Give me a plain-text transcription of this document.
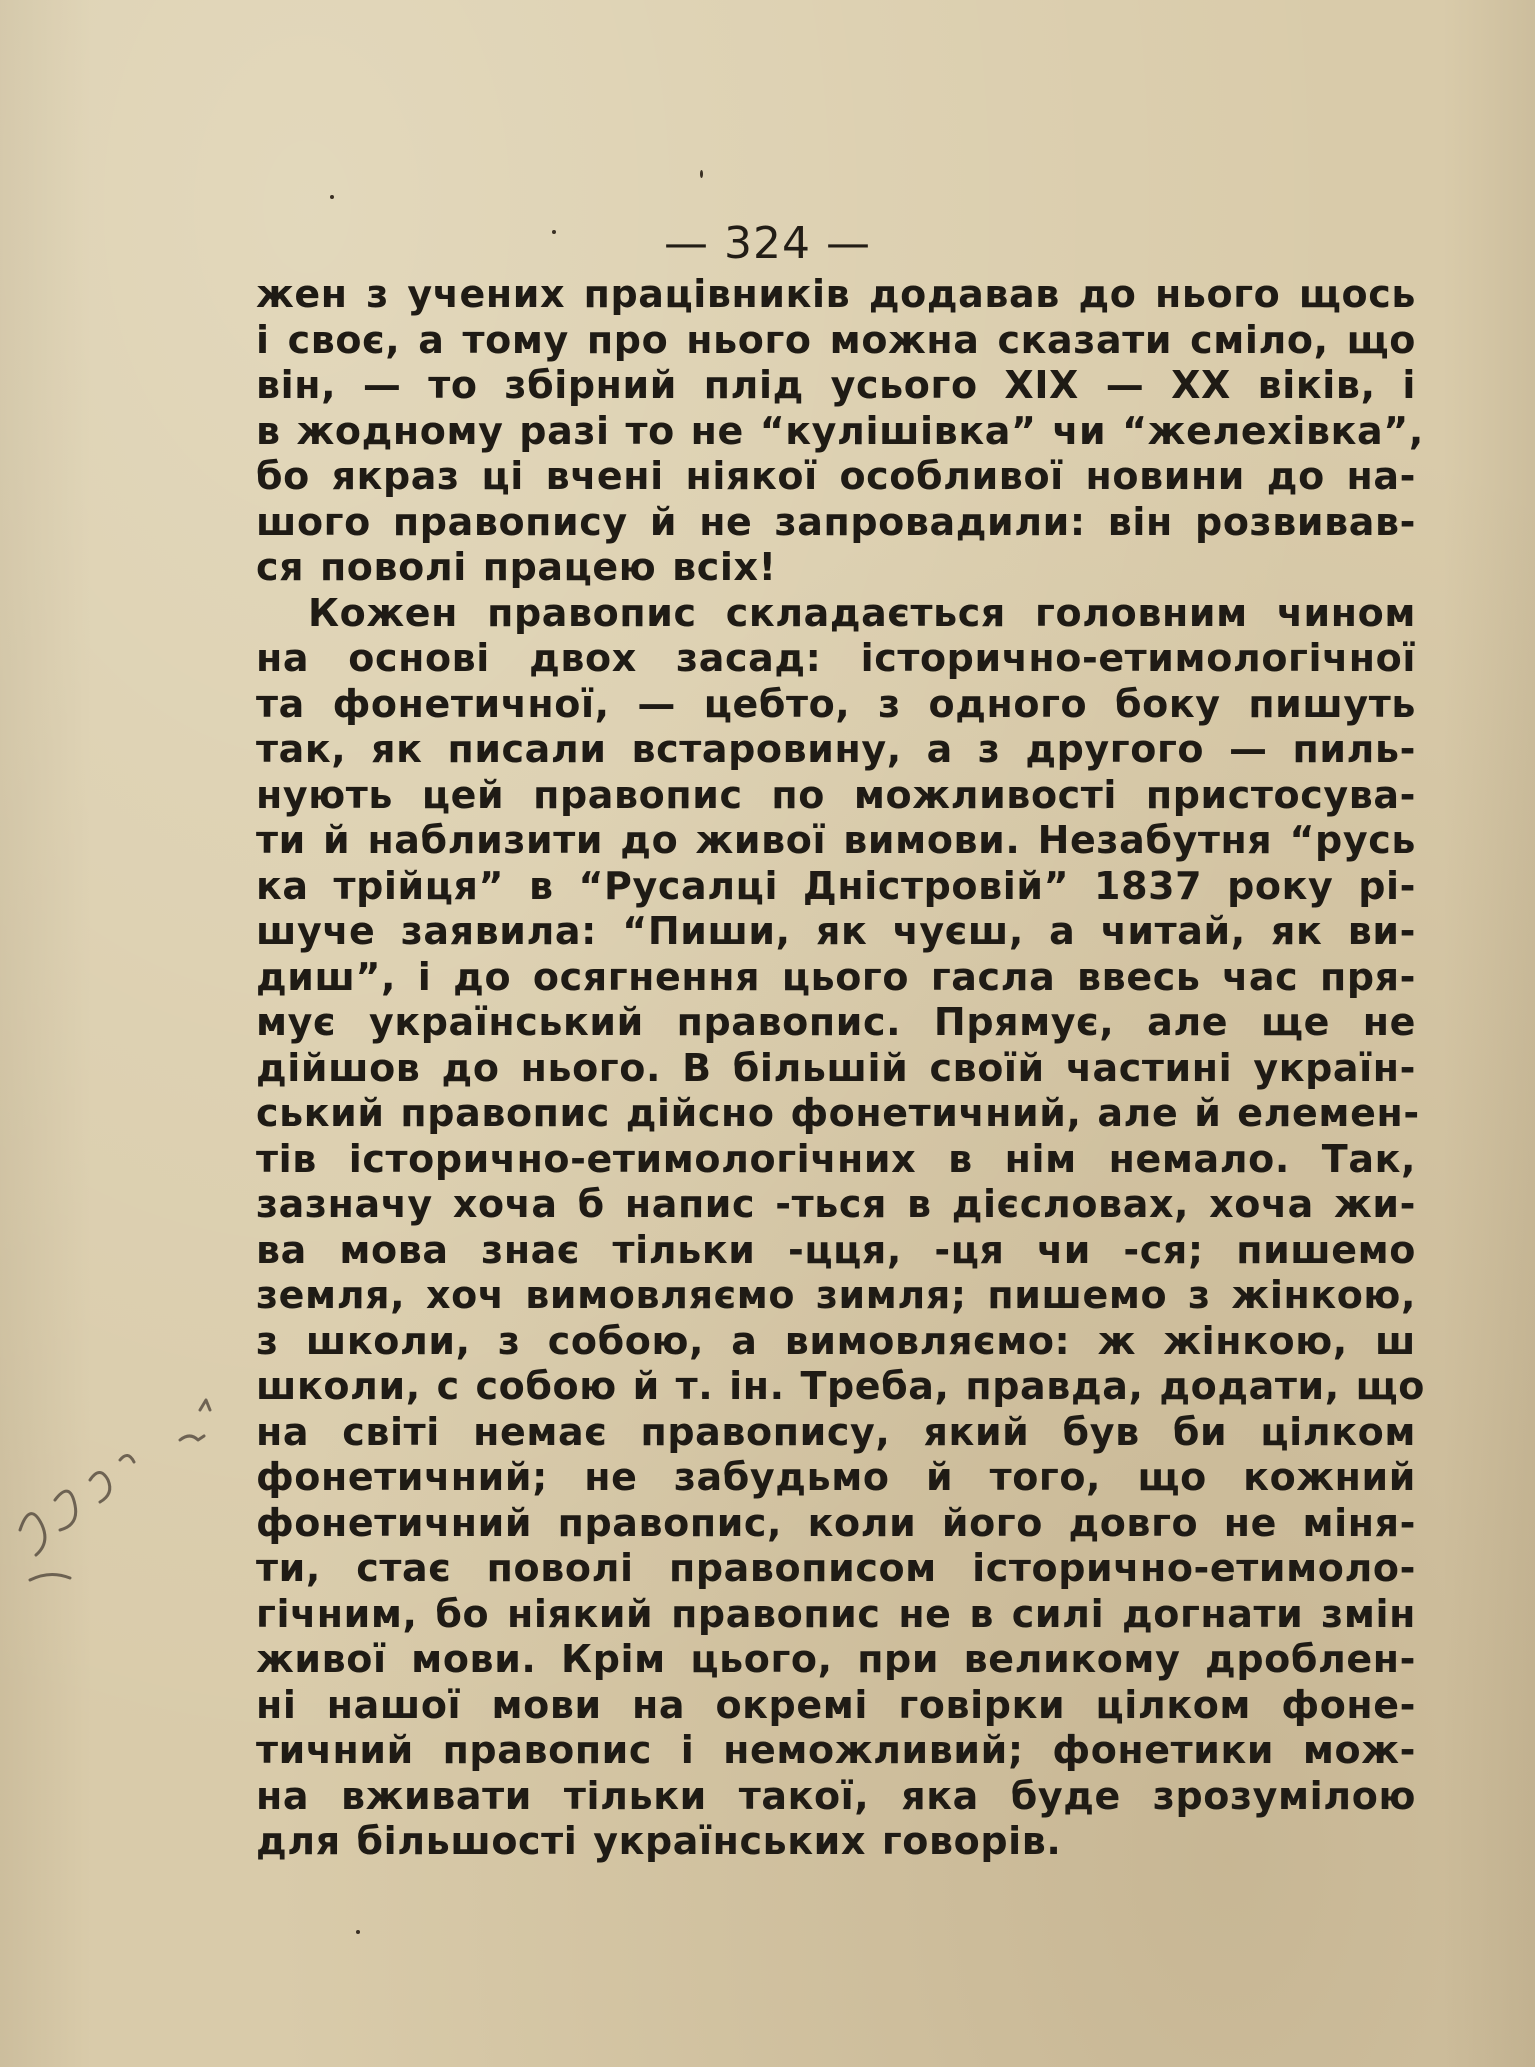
— 324 —
жен з учених працівників додавав до нього щось
і своє, а тому про нього можна сказати сміло, що
він, — то збірний плід усього XIX — XX віків, і
в жодному разі то не “кулішівка” чи “желехівка”,
бо якраз ці вчені ніякої особливої новини до на-
шого правопису й не запровадили: він розвивав-
ся поволі працею всіх!
Кожен правопис складається головним чином
на основі двох засад: історично-етимологічної
та фонетичної, — цебто, з одного боку пишуть
так, як писали встаровину, а з другого — пиль-
нують цей правопис по можливості пристосува-
ти й наблизити до живої вимови. Незабутня “русь
ка трійця” в “Русалці Дністровій” 1837 року рі-
шуче заявила: “Пиши, як чуєш, а читай, як ви-
диш”, і до осягнення цього гасла ввесь час пря-
мує український правопис. Прямує, але ще не
дійшов до нього. В більшій своїй частині україн-
ський правопис дійсно фонетичний, але й елемен-
тів історично-етимологічних в нім немало. Так,
зазначу хоча б напис -ться в дієсловах, хоча жи-
ва мова знає тільки -цця, -ця чи -ся; пишемо
земля, хоч вимовляємо зимля; пишемо з жінкою,
з школи, з собою, а вимовляємо: ж жінкою, ш
школи, с собою й т. ін. Треба, правда, додати, що
на світі немає правопису, який був би цілком
фонетичний; не забудьмо й того, що кожний
фонетичний правопис, коли його довго не міня-
ти, стає поволі правописом історично-етимоло-
гічним, бо ніякий правопис не в силі догнати змін
живої мови. Крім цього, при великому дроблен-
ні нашої мови на окремі говірки цілком фоне-
тичний правопис і неможливий; фонетики мож-
на вживати тільки такої, яка буде зрозумілою
для більшості українських говорів.
